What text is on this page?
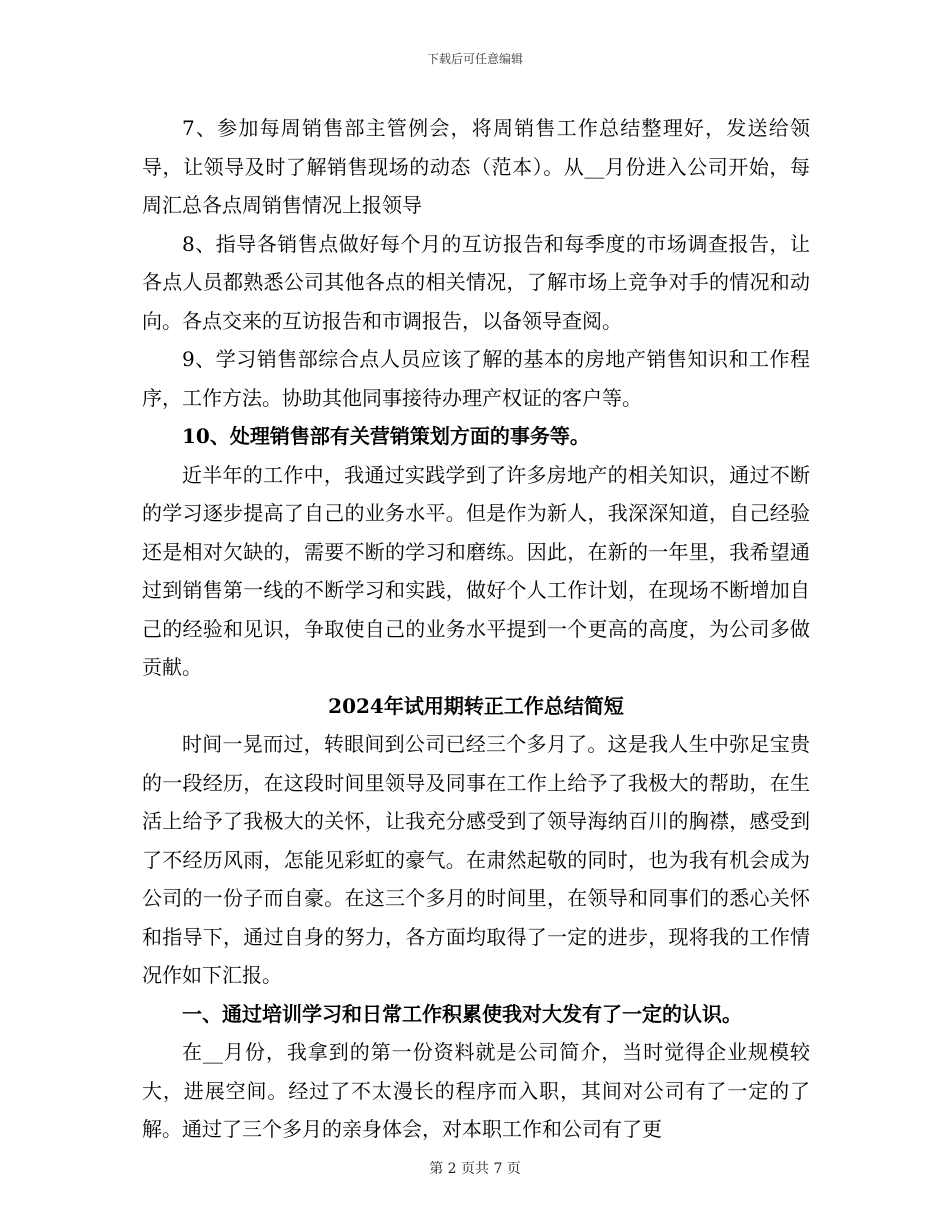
下载后可任意编辑

7、参加每周销售部主管例会，将周销售工作总结整理好，发送给领导，让领导及时了解销售现场的动态（范本）。从__月份进入公司开始，每周汇总各点周销售情况上报领导

8、指导各销售点做好每个月的互访报告和每季度的市场调查报告，让各点人员都熟悉公司其他各点的相关情况，了解市场上竞争对手的情况和动向。各点交来的互访报告和市调报告，以备领导查阅。

9、学习销售部综合点人员应该了解的基本的房地产销售知识和工作程序，工作方法。协助其他同事接待办理产权证的客户等。

10、处理销售部有关营销策划方面的事务等。

近半年的工作中，我通过实践学到了许多房地产的相关知识，通过不断的学习逐步提高了自己的业务水平。但是作为新人，我深深知道，自己经验还是相对欠缺的，需要不断的学习和磨练。因此，在新的一年里，我希望通过到销售第一线的不断学习和实践，做好个人工作计划，在现场不断增加自己的经验和见识，争取使自己的业务水平提到一个更高的高度，为公司多做贡献。

2024年试用期转正工作总结简短

时间一晃而过，转眼间到公司已经三个多月了。这是我人生中弥足宝贵的一段经历，在这段时间里领导及同事在工作上给予了我极大的帮助，在生活上给予了我极大的关怀，让我充分感受到了领导海纳百川的胸襟，感受到了不经历风雨，怎能见彩虹的豪气。在肃然起敬的同时，也为我有机会成为公司的一份子而自豪。在这三个多月的时间里，在领导和同事们的悉心关怀和指导下，通过自身的努力，各方面均取得了一定的进步，现将我的工作情况作如下汇报。

一、通过培训学习和日常工作积累使我对大发有了一定的认识。

在__月份，我拿到的第一份资料就是公司简介，当时觉得企业规模较大，进展空间。经过了不太漫长的程序而入职，其间对公司有了一定的了解。通过了三个多月的亲身体会，对本职工作和公司有了更

第 2 页共 7 页
